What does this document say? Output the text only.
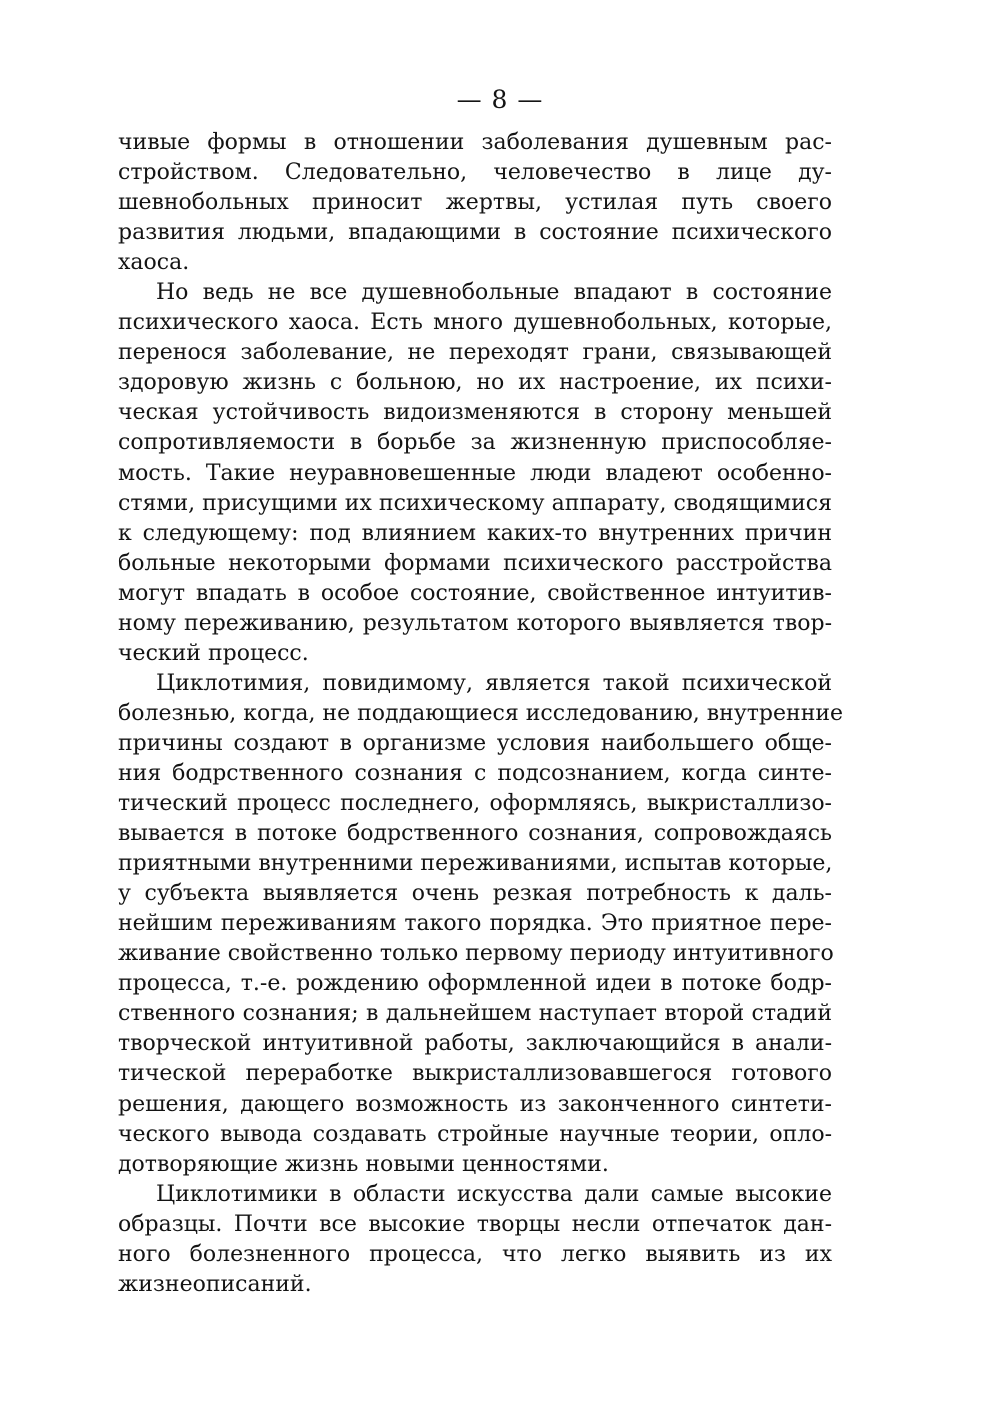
— 8 —
чивые формы в отношении заболевания душевным рас-
стройством. Следовательно, человечество в лице ду-
шевнобольных приносит жертвы, устилая путь своего
развития людьми, впадающими в состояние психического
хаоса.
Но ведь не все душевнобольные впадают в состояние
психического хаоса. Есть много душевнобольных, которые,
перенося заболевание, не переходят грани, связывающей
здоровую жизнь с больною, но их настроение, их психи-
ческая устойчивость видоизменяются в сторону меньшей
сопротивляемости в борьбе за жизненную приспособляе-
мость. Такие неуравновешенные люди владеют особенно-
стями, присущими их психическому аппарату, сводящимися
к следующему: под влиянием каких-то внутренних причин
больные некоторыми формами психического расстройства
могут впадать в особое состояние, свойственное интуитив-
ному переживанию, результатом которого выявляется твор-
ческий процесс.
Циклотимия, повидимому, является такой психической
болезнью, когда, не поддающиеся исследованию, внутренние
причины создают в организме условия наибольшего обще-
ния бодрственного сознания с подсознанием, когда синте-
тический процесс последнего, оформляясь, выкристаллизо-
вывается в потоке бодрственного сознания, сопровождаясь
приятными внутренними переживаниями, испытав которые,
у субъекта выявляется очень резкая потребность к даль-
нейшим переживаниям такого порядка. Это приятное пере-
живание свойственно только первому периоду интуитивного
процесса, т.-е. рождению оформленной идеи в потоке бодр-
ственного сознания; в дальнейшем наступает второй стадий
творческой интуитивной работы, заключающийся в анали-
тической переработке выкристаллизовавшегося готового
решения, дающего возможность из законченного синтети-
ческого вывода создавать стройные научные теории, опло-
дотворяющие жизнь новыми ценностями.
Циклотимики в области искусства дали самые высокие
образцы. Почти все высокие творцы несли отпечаток дан-
ного болезненного процесса, что легко выявить из их
жизнеописаний.
